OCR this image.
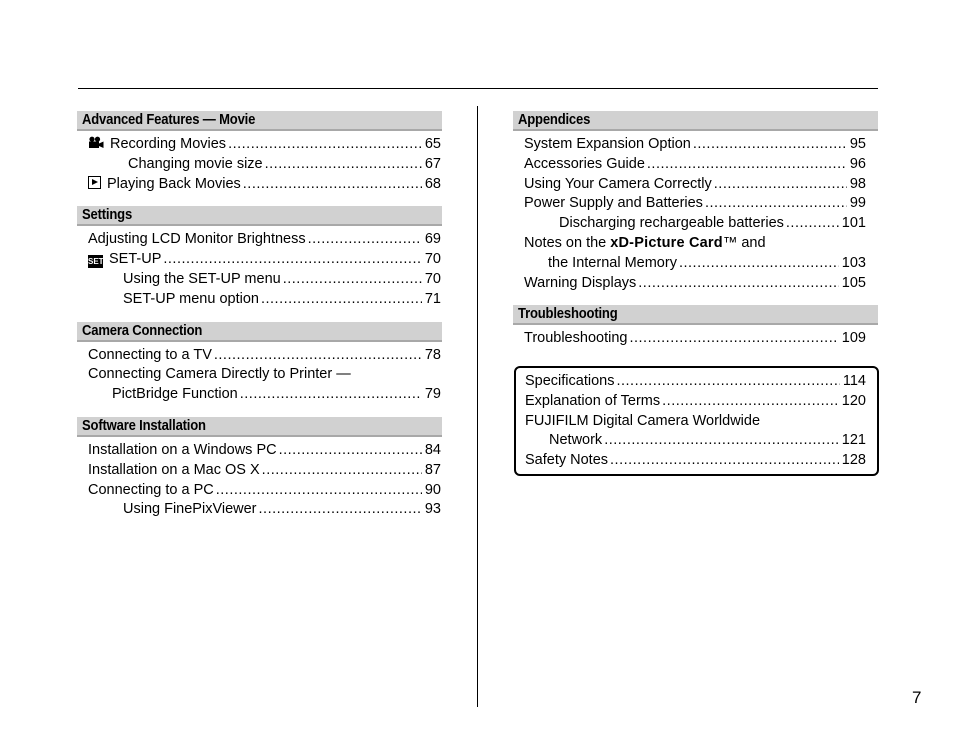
Advanced Features — Movie
Recording Movies .....	65
Changing movie size .....	67
Playing Back Movies .....	68
Settings
Adjusting LCD Monitor Brightness .....	69
SET SET-UP .....	70
Using the SET-UP menu .....	70
SET-UP menu option .....	71
Camera Connection
Connecting to a TV .....	78
Connecting Camera Directly to Printer —
PictBridge Function .....	79
Software Installation
Installation on a Windows PC .....	84
Installation on a Mac OS X .....	87
Connecting to a PC .....	90
Using FinePixViewer .....	93
Appendices
System Expansion Option .....	95
Accessories Guide .....	96
Using Your Camera Correctly .....	98
Power Supply and Batteries .....	99
Discharging rechargeable batteries .....	101
Notes on the xD-Picture Card™ and
the Internal Memory .....	103
Warning Displays .....	105
Troubleshooting
Troubleshooting .....	109
Specifications .....	114
Explanation of Terms .....	120
FUJIFILM Digital Camera Worldwide
Network .....	121
Safety Notes .....	128
7
